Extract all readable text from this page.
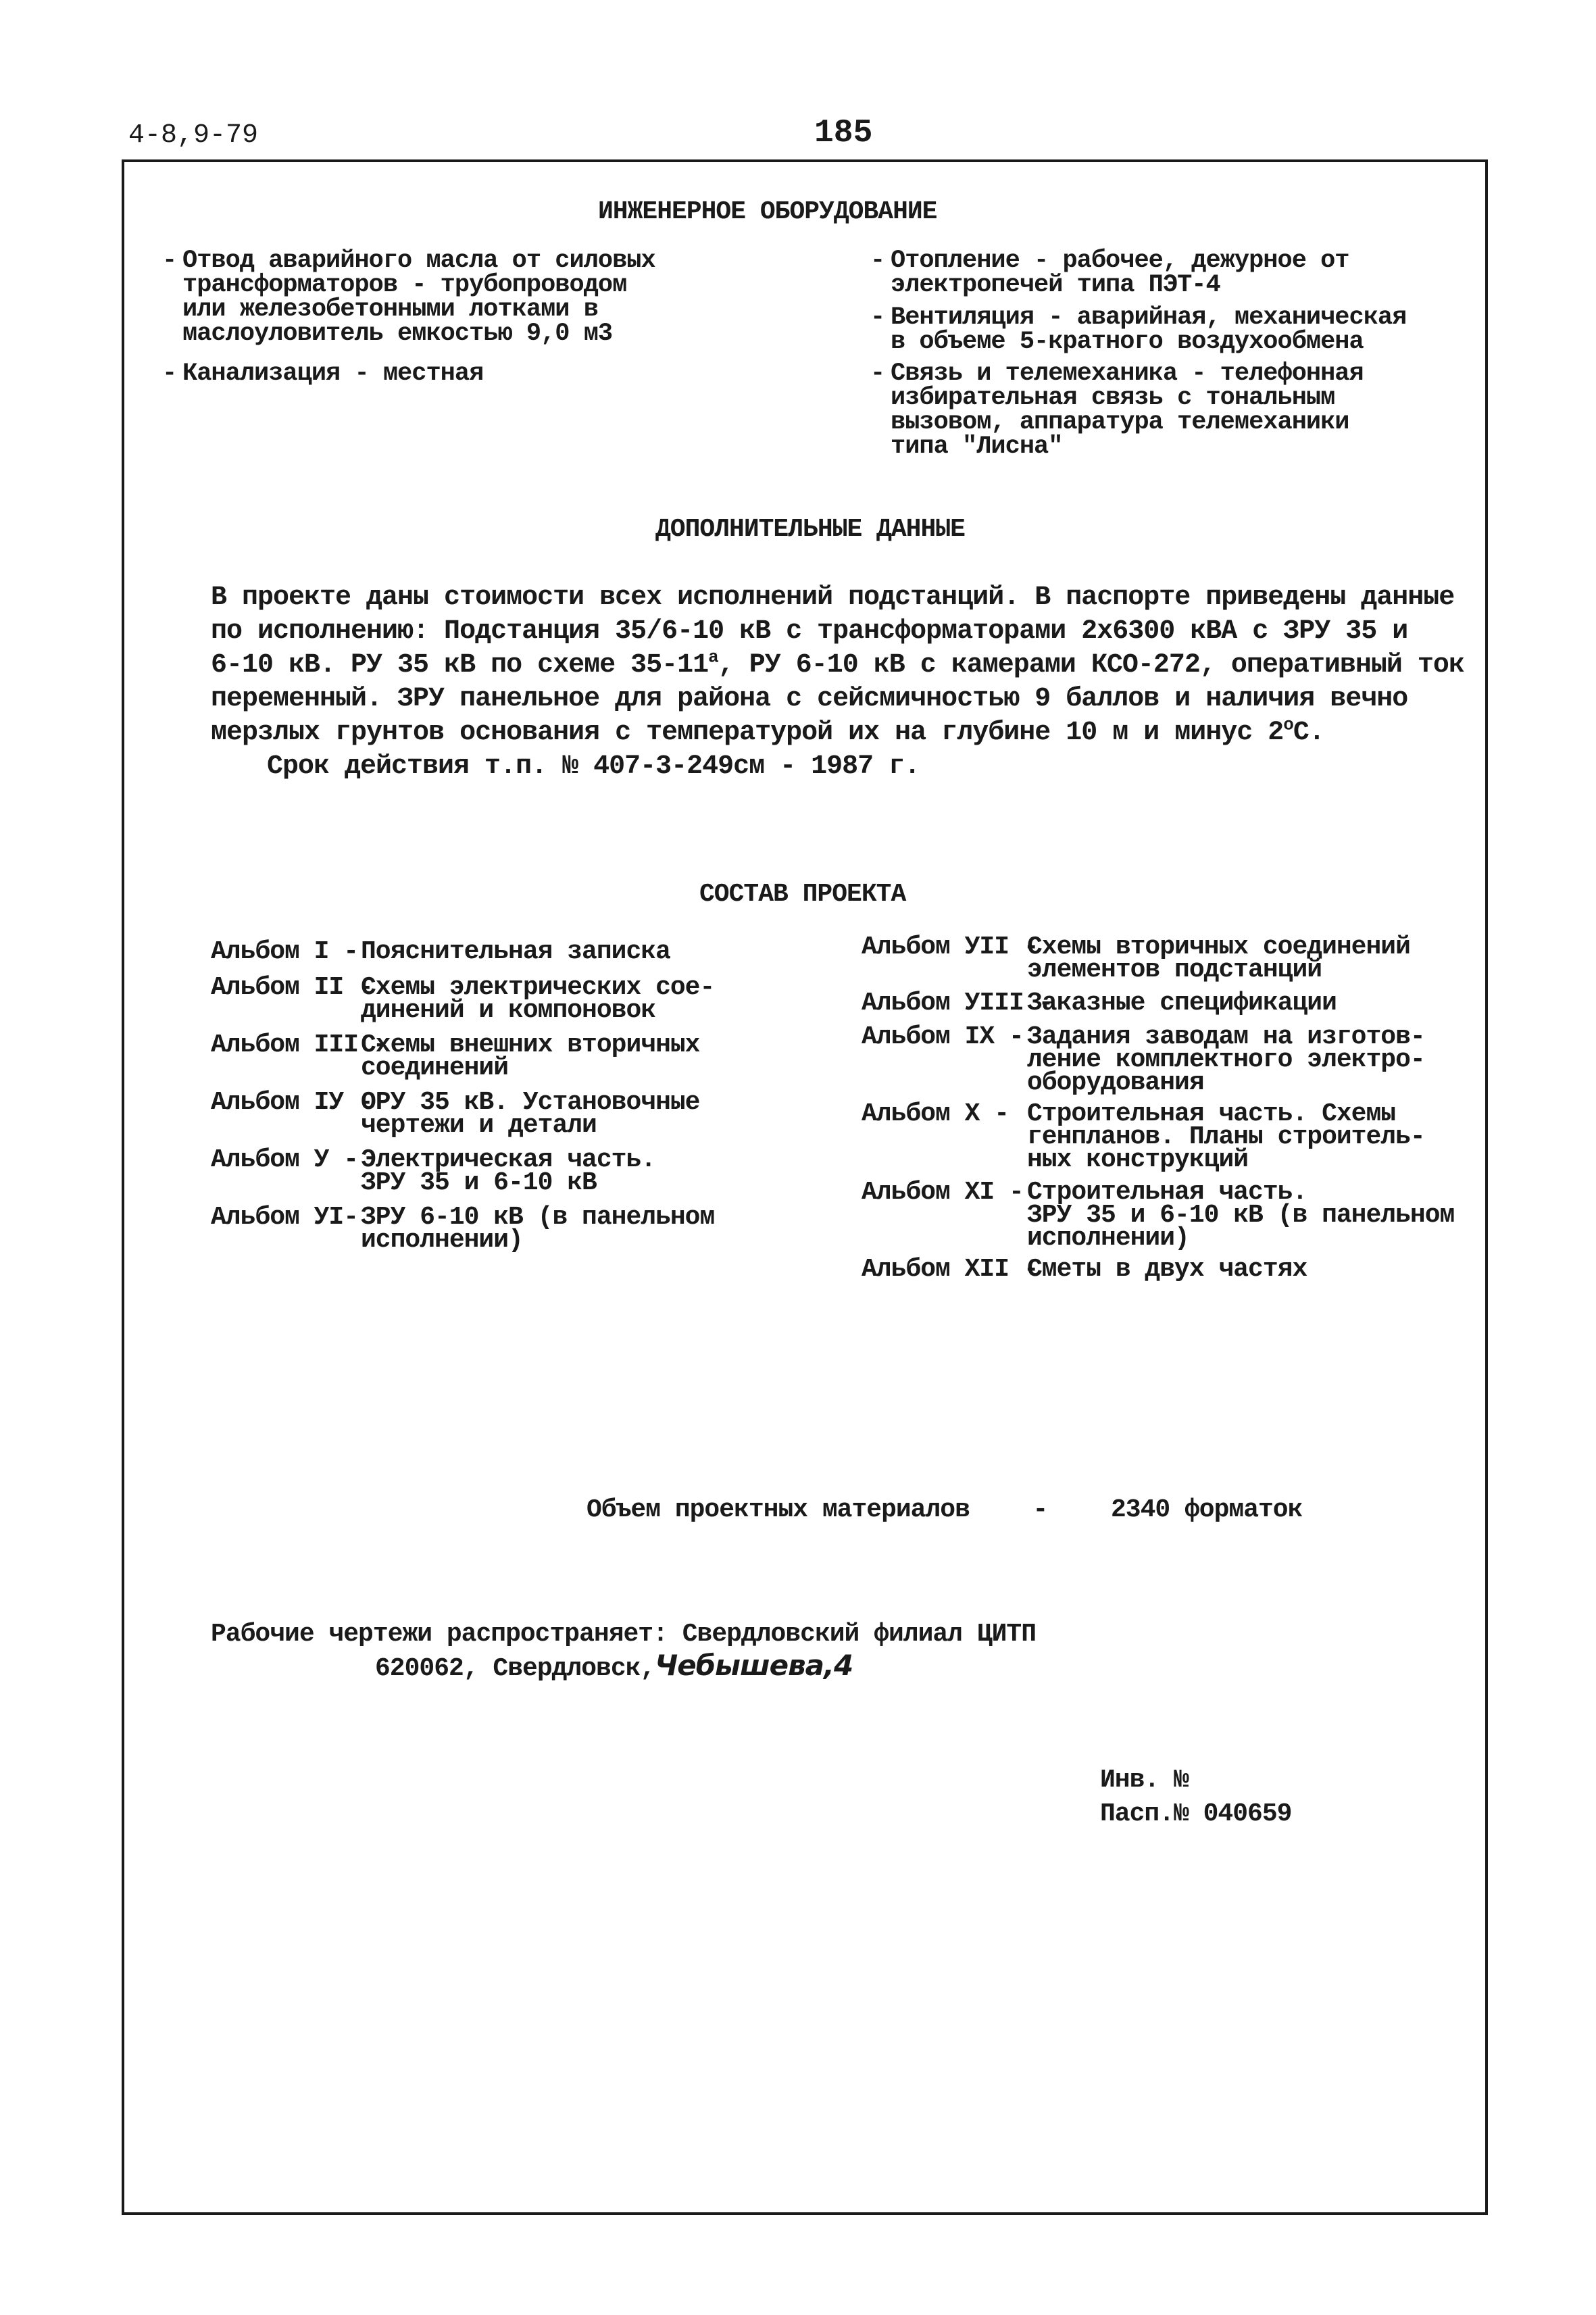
4-8,9-79	185
ИНЖЕНЕРНОЕ ОБОРУДОВАНИЕ
- Отвод аварийного масла от силовых
трансформаторов - трубопроводом
или железобетонными лотками в
маслоуловитель емкостью 9,0 м3
- Канализация - местная
- Отопление - рабочее, дежурное от
электропечей типа ПЭТ-4
- Вентиляция - аварийная, механическая
в объеме 5-кратного воздухообмена
- Связь и телемеханика - телефонная
избирательная связь с тональным
вызовом, аппаратура телемеханики
типа "Лисна"
ДОПОЛНИТЕЛЬНЫЕ ДАННЫЕ
В проекте даны стоимости всех исполнений подстанций. В паспорте приведены данные
по исполнению: Подстанция 35/6-10 кВ с трансформаторами 2х6300 кВА с ЗРУ 35 и
6-10 кВ. РУ 35 кВ по схеме $35-11^а$, РУ 6-10 кВ с камерами КСО-272, оперативный ток
переменный. ЗРУ панельное для района с сейсмичностью 9 баллов и наличия вечно
мерзлых грунтов основания с температурой их на глубине 10 м и минус $2^оС$.
Срок действия т.п. № 407-3-249см - 1987 г.
СОСТАВ ПРОЕКТА
Альбом I - Пояснительная записка
Альбом II -
Схемы электрических сое-
динений и компоновок
Альбом III -
Схемы внешних вторичных
соединений
Альбом IУ -
ОРУ 35 кВ. Установочные
чертежи и детали
Альбом У - Электрическая часть.
ЗРУ 35 и 6-10 кВ
Альбом УI- ЗРУ 6-10 кВ (в панельном
исполнении)
Альбом УII -
Схемы вторичных соединений
элементов подстанций
Альбом УIII -
Заказные спецификации
Альбом IX - Задания заводам на изготов-
ление комплектного электро-
оборудования
Альбом X - Строительная часть. Схемы
генпланов. Планы строитель-
ных конструкций
Альбом XI - Строительная часть.
ЗРУ 35 и 6-10 кВ (в панельном
исполнении)
Альбом XII -
Сметы в двух частях
Объем проектных материалов - 2340 форматок
Рабочие чертежи распространяет: Свердловский филиал ЦИТП
620062, Свердловск,Чебышева,4
Инв. №
Пасп.№ 040659
